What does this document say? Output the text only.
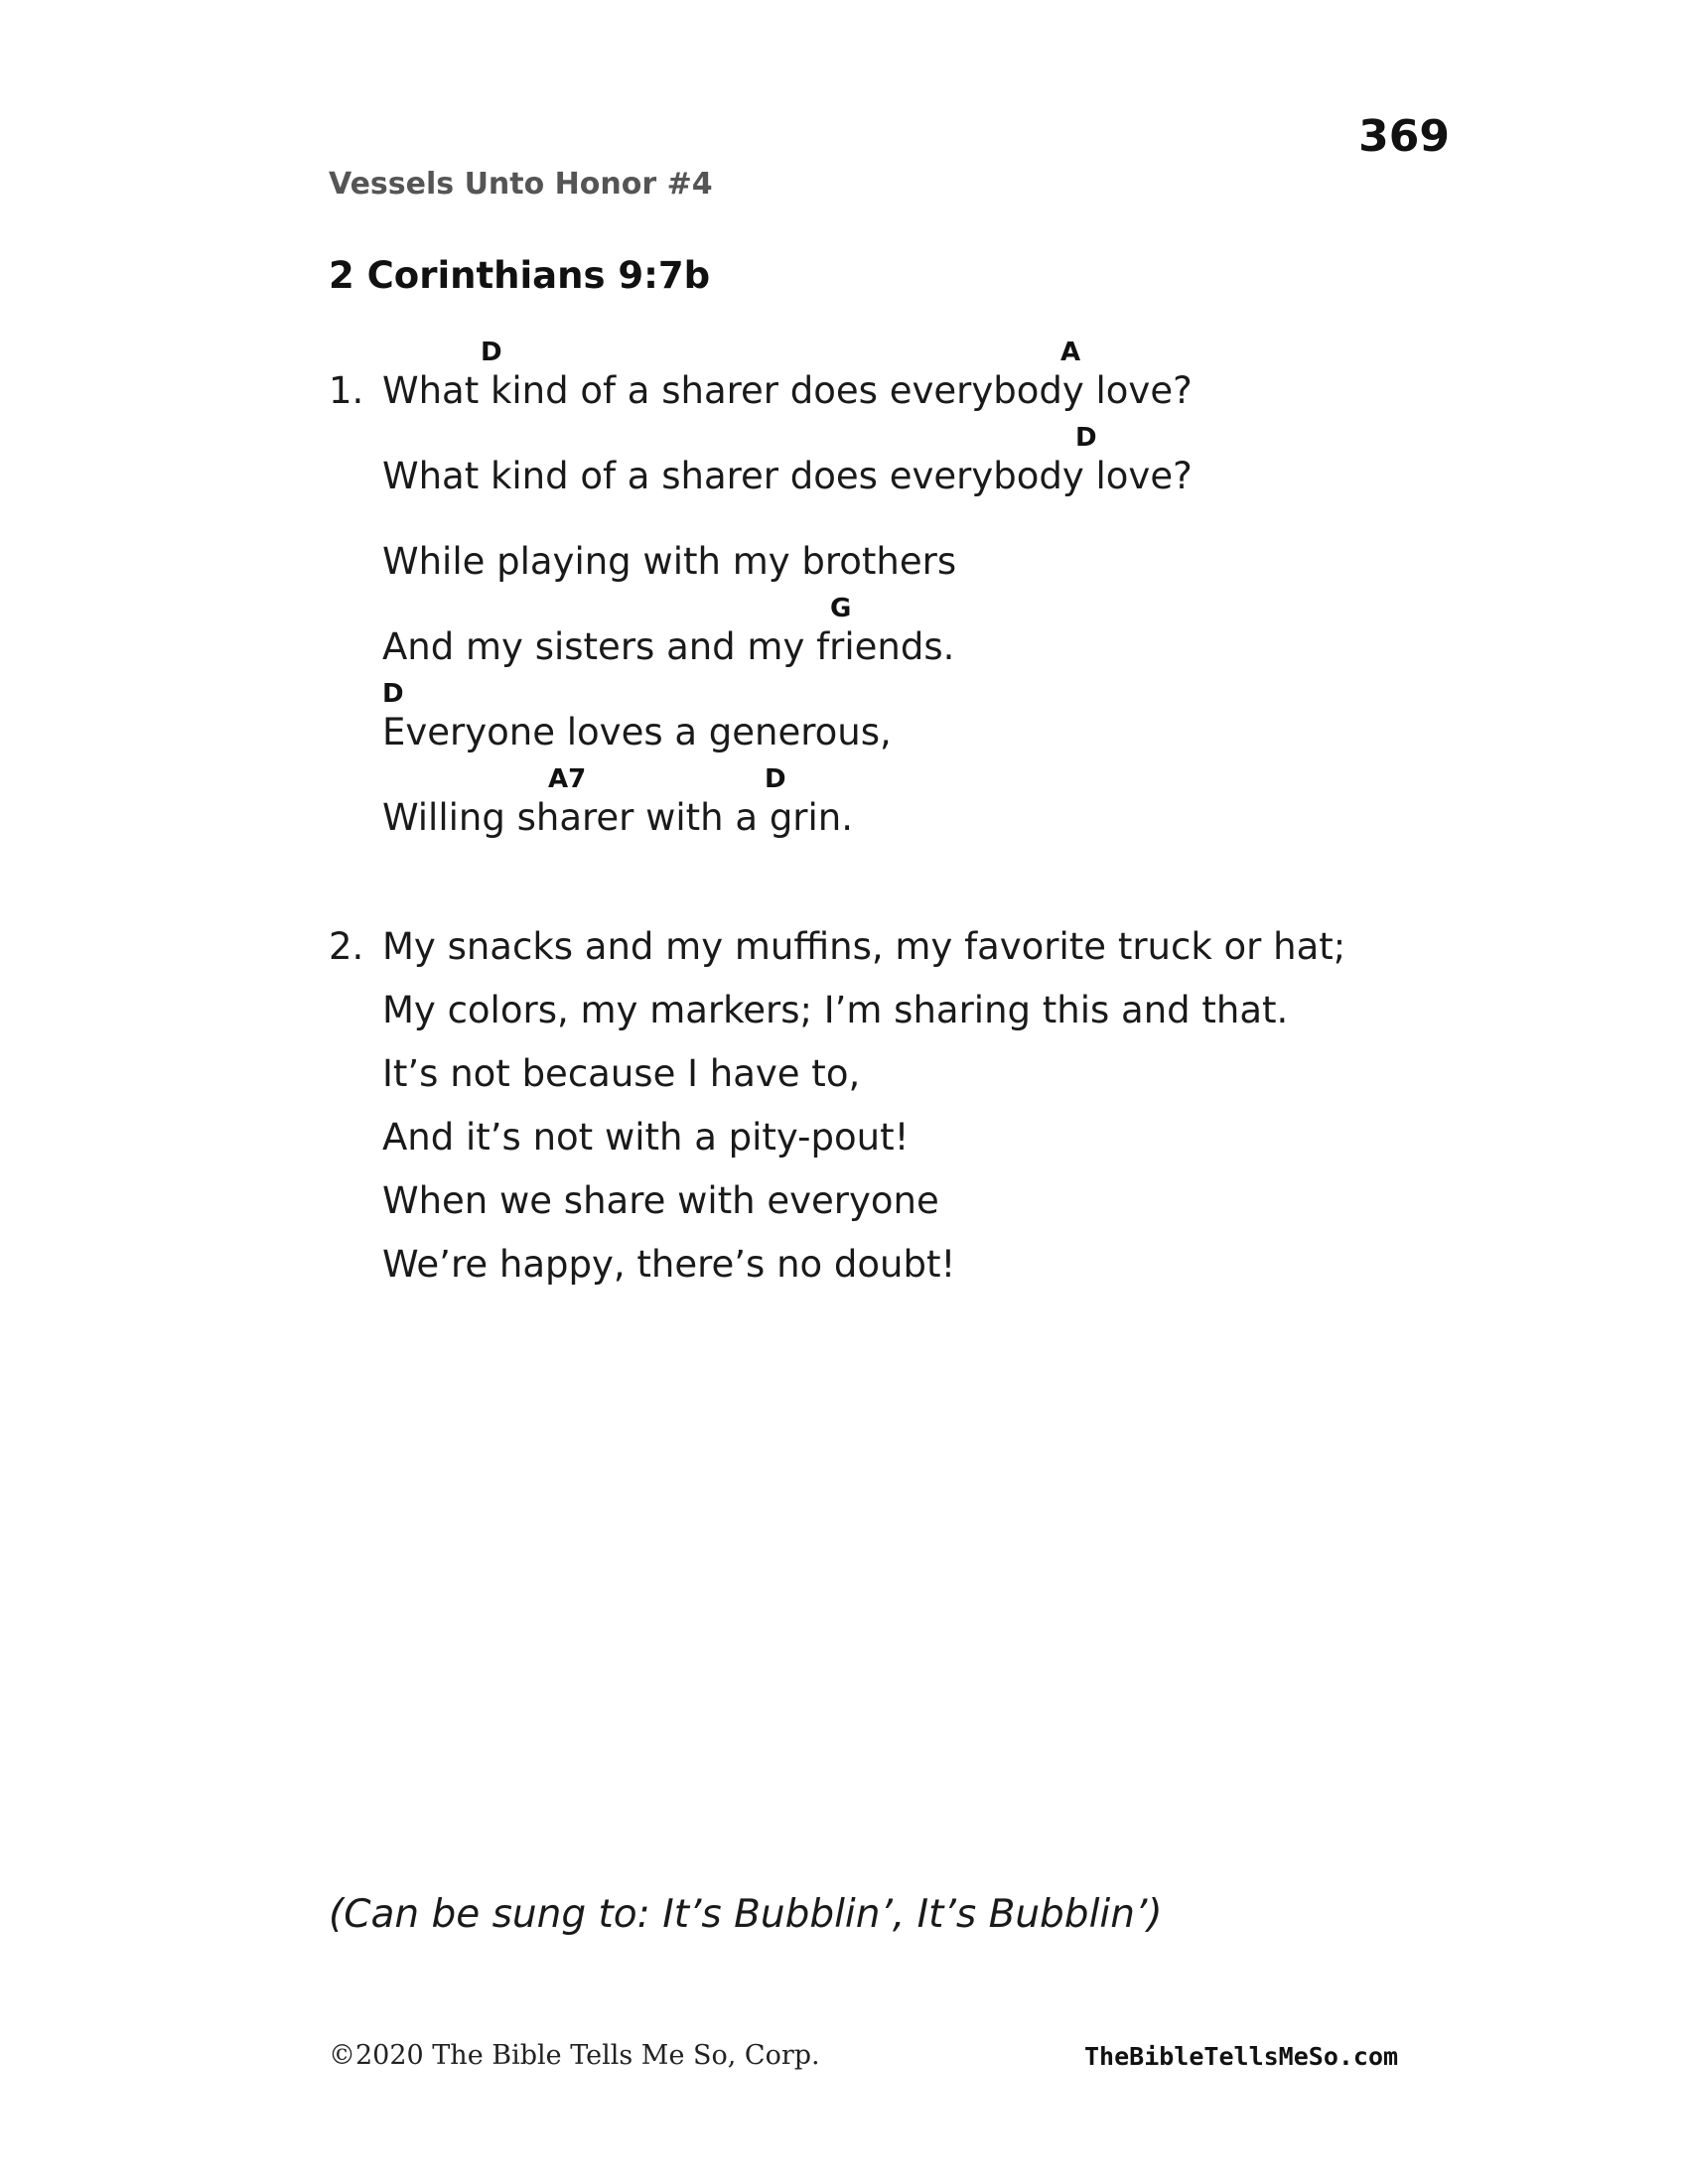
369
Vessels Unto Honor #4
2 Corinthians 9:7b
1.
D	A
What kind of a sharer does everybody love?
D
What kind of a sharer does everybody love?
While playing with my brothers
G
And my sisters and my friends.
D
Everyone loves a generous,
A7	D
Willing sharer with a grin.
2. My snacks and my muffins, my favorite truck or hat;
My colors, my markers; I’m sharing this and that.
It’s not because I have to,
And it’s not with a pity-pout!
When we share with everyone
We’re happy, there’s no doubt!
(Can be sung to: It’s Bubblin’, It’s Bubblin’)
©2020 The Bible Tells Me So, Corp.	TheBibleTellsMeSo.com
